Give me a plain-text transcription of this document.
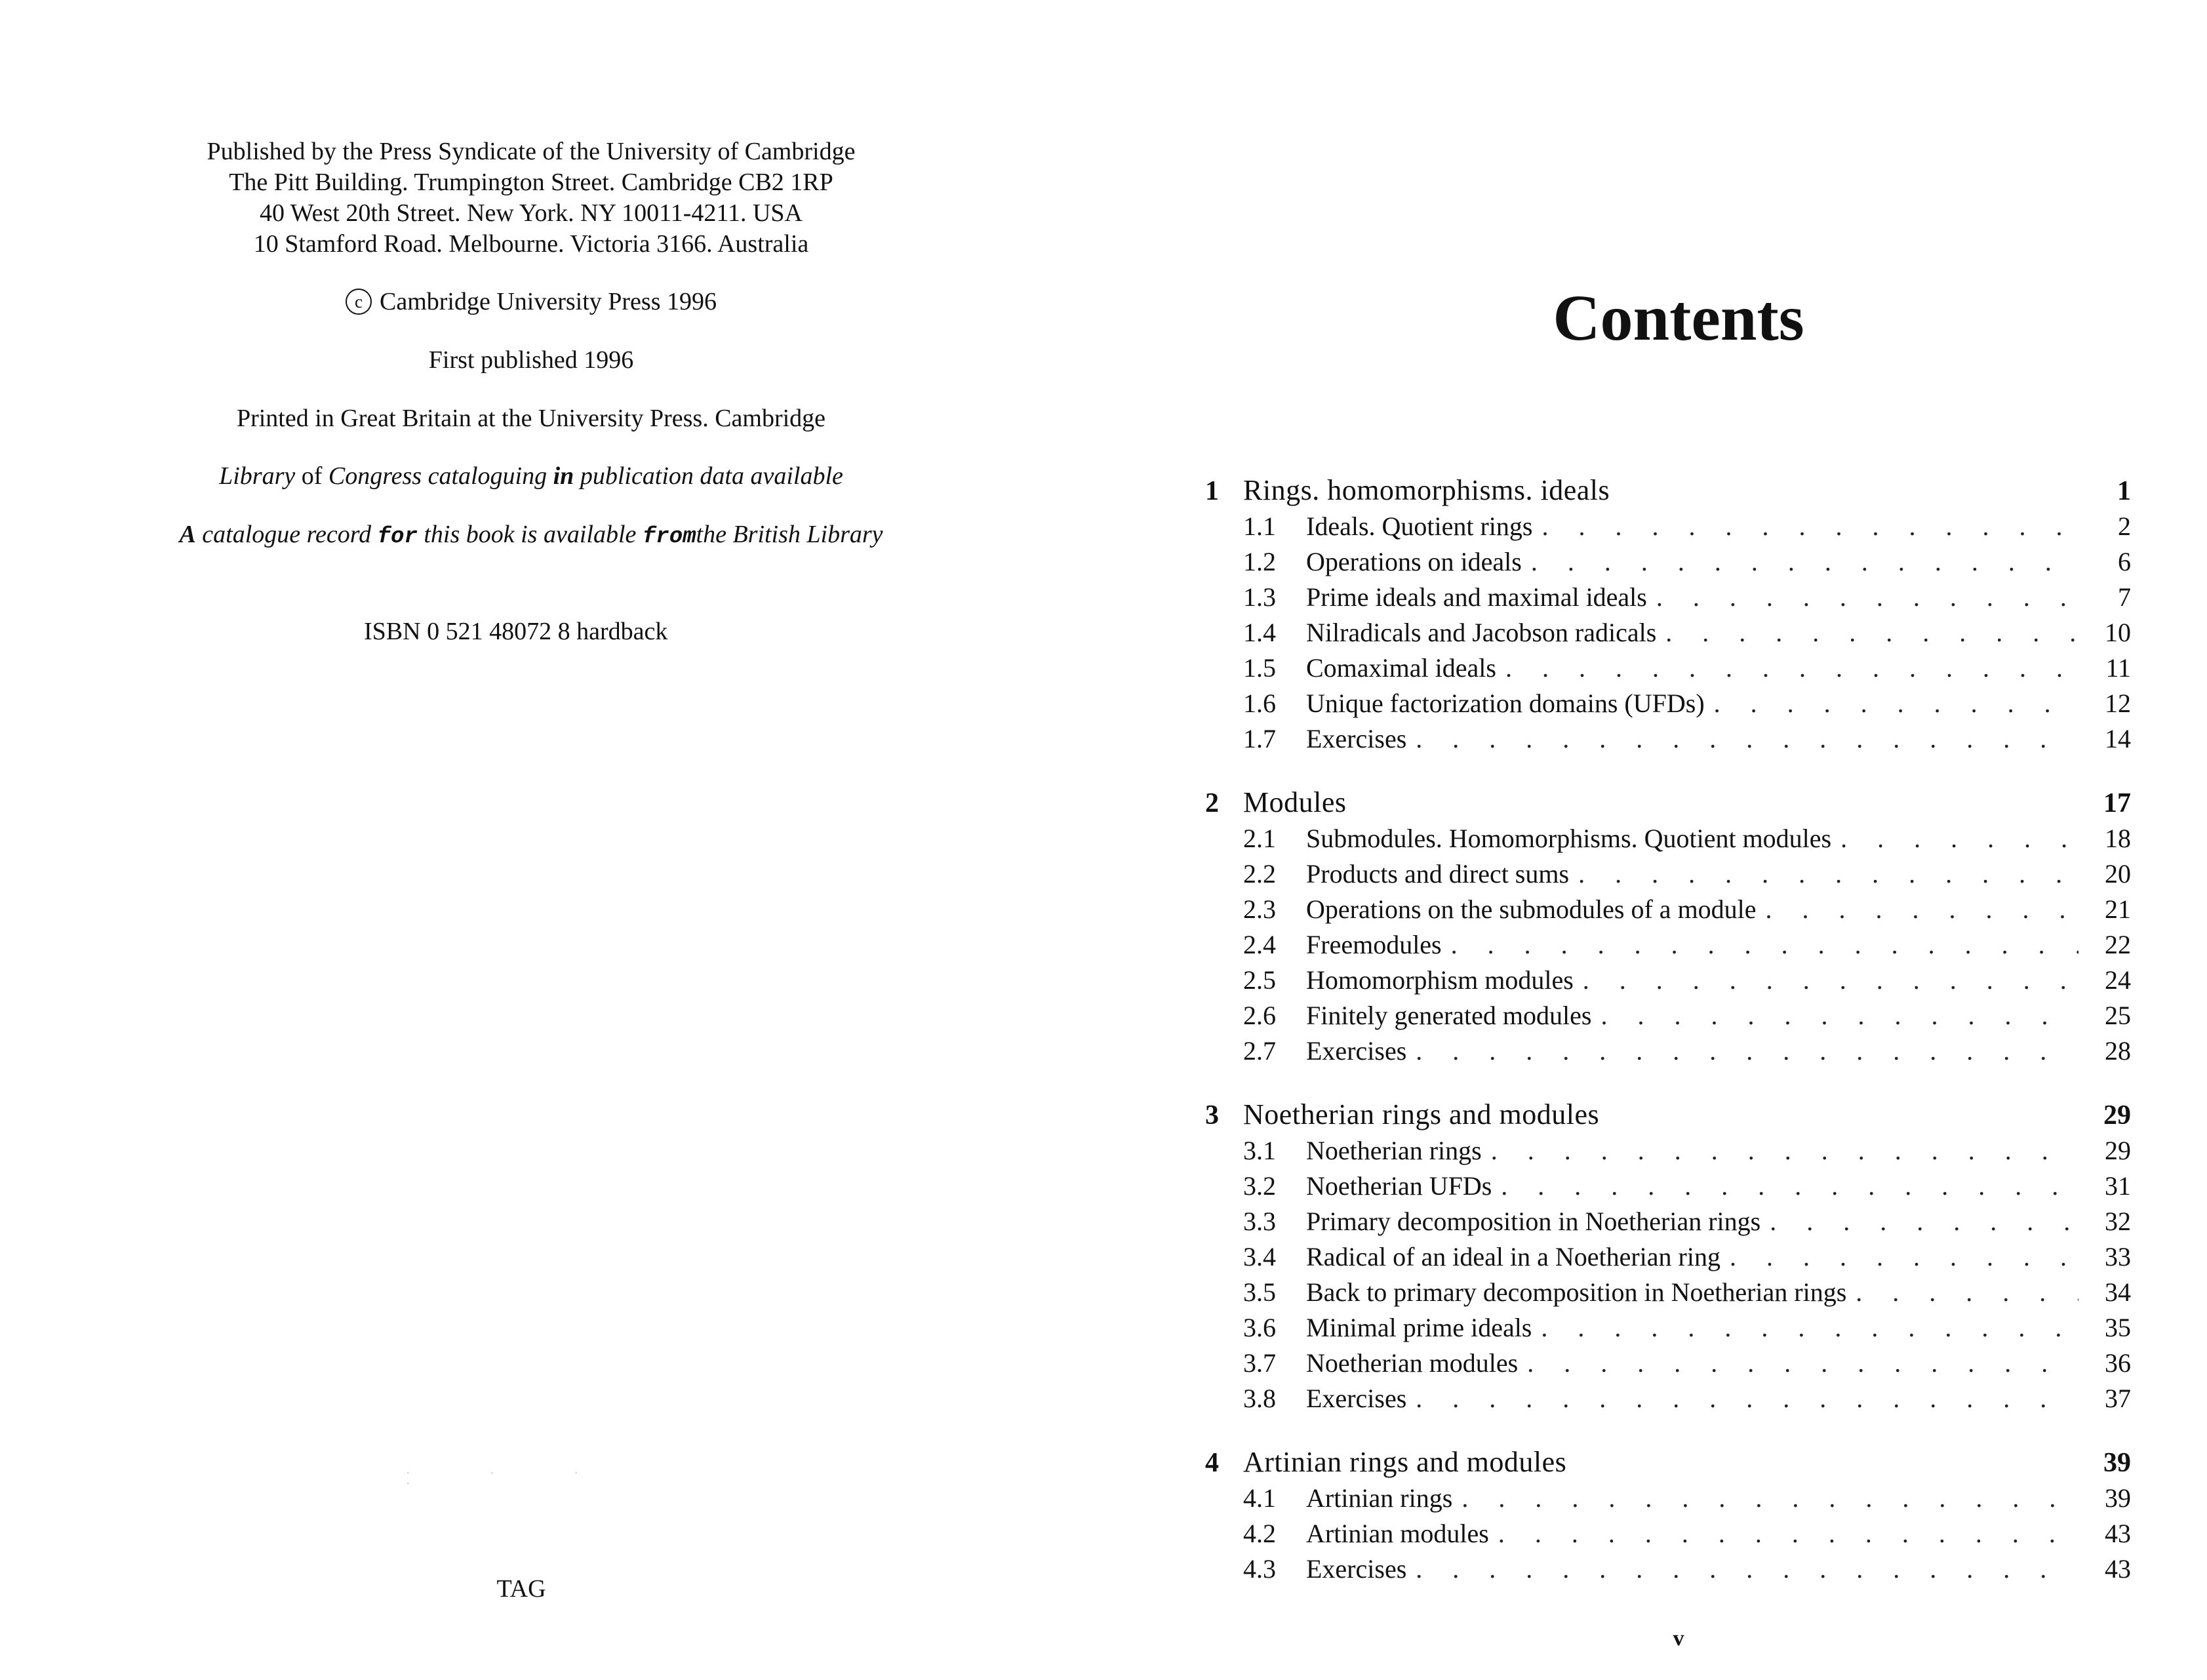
Published by the Press Syndicate of the University of Cambridge
The Pitt Building. Trumpington Street. Cambridge CB2 1RP
40 West 20th Street. New York. NY 10011-4211. USA
10 Stamford Road. Melbourne. Victoria 3166. Australia
c Cambridge University Press 1996
First published 1996
Printed in Great Britain at the University Press. Cambridge
Library of Congress cataloguing in publication data available
A catalogue record for this book is available fromthe British Library
ISBN 0 521 48072 8 hardback
· · · ·
TAG
Contents
1 Rings. homomorphisms. ideals	1
1.1	Ideals. Quotient rings . . .	2
1.2	Operations on ideals . . .	6
1.3	Prime ideals and maximal ideals . . .	7
1.4	Nilradicals and Jacobson radicals . . .	10
1.5	Comaximal ideals . . .	11
1.6	Unique factorization domains (UFDs) . . .	12
1.7	Exercises . . .	14
2 Modules	17
2.1	Submodules. Homomorphisms. Quotient modules . . .	18
2.2	Products and direct sums . . .	20
2.3	Operations on the submodules of a module . . .	21
2.4	Freemodules . . .	22
2.5	Homomorphism modules . . .	24
2.6	Finitely generated modules . . .	25
2.7	Exercises . . .	28
3 Noetherian rings and modules	29
3.1	Noetherian rings . . .	29
3.2	Noetherian UFDs . . .	31
3.3	Primary decomposition in Noetherian rings . . .	32
3.4	Radical of an ideal in a Noetherian ring . . .	33
3.5	Back to primary decomposition in Noetherian rings . . .	34
3.6	Minimal prime ideals . . .	35
3.7	Noetherian modules . . .	36
3.8	Exercises . . .	37
4 Artinian rings and modules	39
4.1	Artinian rings . . .	39
4.2	Artinian modules . . .	43
4.3	Exercises . . .	43
v
